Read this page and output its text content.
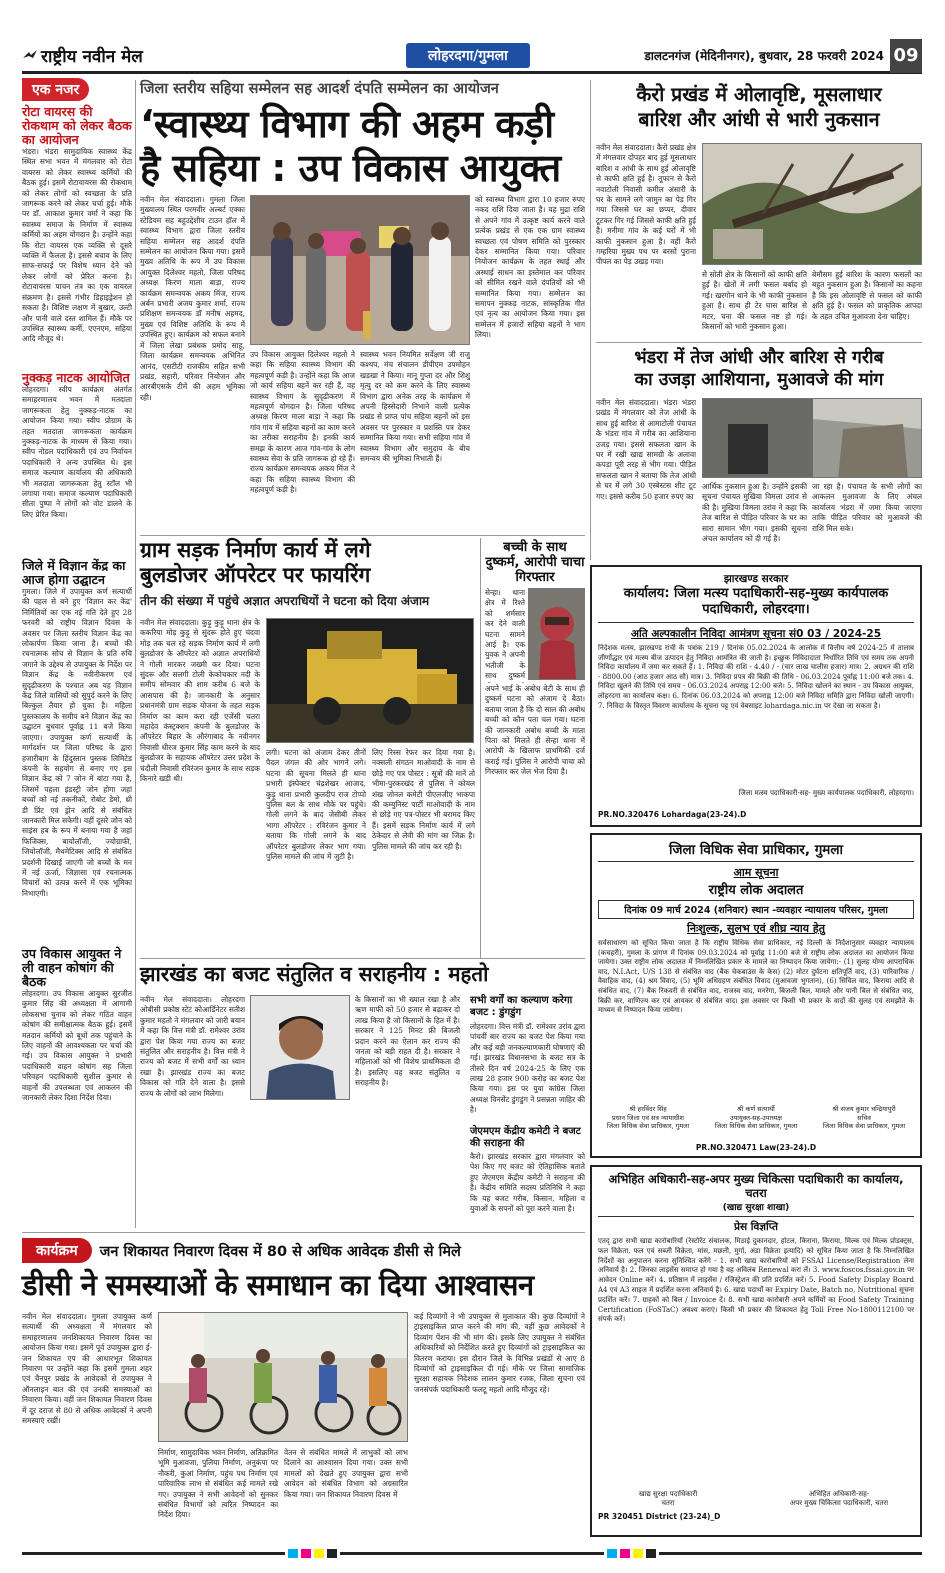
राष्ट्रीय नवीन मेल	लोहरदगा/गुमला	डालटनगंज (मेदिनीनगर), बुधवार, 28 फरवरी 2024 09
एक नजर
रोटा वायरस की रोकथाम को लेकर बैठक का आयोजन
भंडरा। भंडरा सामुदायिक स्वास्थ्य केंद्र स्थित सभा भवन में मंगलवार को रोटा वायरस को लेकर स्वास्थ्य कर्मियों की बैठक हुई। इसमें रोटावायरस की रोकथाम को लेकर लोगों को स्वच्छता के प्रति जागरूक करने को लेकर चर्चा हुई। मौके पर डॉ. आकाश कुमार वर्मा ने कहा कि स्वास्थ्य समाज के निर्माण में स्वास्थ्य कर्मियों का अहम योगदान है। उन्होंने कहा कि रोटा वायरस एक व्यक्ति से दूसरे व्यक्ति में फैलता है। इससे बचाव के लिए साफ-सफाई पर विशेष ध्यान देने को लेकर लोगों को प्रेरित करना है। रोटावायरस पाचन तंत्र का एक वायरल संक्रमण है। इससे गंभीर डिहाइड्रेशन हो सकता है। विशिष्ट लक्षण में बुखार, उल्टी और पानी वाले दस्त शामिल हैं। मौके पर उपस्थित स्वास्थ्य कर्मी, एएनएम, सहिया आदि मौजूद थे।
नुक्कड़ नाटक आयोजित
लोहरदगा। स्वीप कार्यक्रम अंतर्गत समाहरणालय भवन में मतदाता जागरूकता हेतु नुक्कड़-नाटक का आयोजन किया गया। स्वीप प्रोग्राम के तहत मतदाता जागरूकता कार्यक्रम नुक्कड़-नाटक के माध्यम से किया गया। स्वीप नोडल पदाधिकारी एवं उप निर्वाचन पदाधिकारी ने अन्य उपस्थित थे। इस समाज कल्याण कार्यालय की अधिकारी भी मतदाता जागरूकता हेतु स्टॉल भी लगाया गया। समाज कल्याण पदाधिकारी सीता पुष्पा ने लोगों को वोट डालने के लिए प्रेरित किया।
जिले में विज्ञान केंद्र का आज होगा उद्घाटन
गुमला। जिले में उपायुक्त कर्ण सत्यार्थी की पहल से बने हुए 'विज्ञान कर केंद्र' निर्मितियों का एक नई गति देते हुए 28 फरवरी को राष्ट्रीय विज्ञान दिवस के अवसर पर जिला स्तरीय विज्ञान केंद्र का लोकार्पण किया जाना है। बच्चों की रचनात्मक सोच से विज्ञान के प्रति रुचि जगाने के उद्देश्य से उपायुक्त के निर्देश पर विज्ञान केंद्र के नवीनीकरण एवं सुदृढ़ीकरण के पश्चात अब यह विज्ञान केंद्र जिले वासियों को सुपुर्द करने के लिए बिल्कुल तैयार हो चुका है। महिला पुस्तकालय के समीप बने विज्ञान केंद्र का उद्घाटन बुधवार पूर्वाह्न 11 बजे किया जाएगा। उपायुक्त कर्ण सत्यार्थी के मार्गदर्शन पर जिला परिषद के द्वारा हजारीबाग के हिंदुस्तान पुस्तक लिमिटेड कंपनी के सहयोग से बनाए गए इस विज्ञान केंद्र को 7 जोन में बांटा गया है, जिसमें पहला इंडस्ट्री जोन होगा जहां बच्चों को नई तकनीकों, रोबोट डेमो, थ्री डी प्रिंट एवं ड्रोन आदि से संबंधित जानकारी मिल सकेगी। वहीं दूसरे जोन को साइंस हब के रूप में बनाया गया है जहां फिजिक्स, बायोलॉजी, ज्योग्राफी, जियोलॉजी, मैथमेटिक्स आदि से संबंधित प्रदर्शनी दिखाई जाएगी जो बच्चों के मन में नई ऊर्जा, जिज्ञासा एवं रचनात्मक विचारों को उत्पन्न करने में एक भूमिका निभाएगी।
उप विकास आयुक्त ने ली वाहन कोषांग की बैठक
लोहरदगा। उप विकास आयुक्त सुरजीत कुमार सिंह की अध्यक्षता में आगामी लोकसभा चुनाव को लेकर गठित वाहन कोषांग की समीक्षात्मक बैठक हुई। इसमें मतदान कर्मियों को बूथों तक पहुंचाने के लिए वाहनों की आवश्यकता पर चर्चा की गई। उप विकास आयुक्त ने प्रभारी पदाधिकारी वाहन कोषांग सह जिला परिवहन पदाधिकारी सुशील कुमार से वाहनों की उपलब्धता एवं आकलन की जानकारी लेकर दिशा निर्देश दिया।
जिला स्तरीय सहिया सम्मेलन सह आदर्श दंपति सम्मेलन का आयोजन
‘स्वास्थ्य विभाग की अहम कड़ी
है सहिया : उप विकास आयुक्त
नवीन मेल संवाददाता। गुमला जिला मुख्यालय स्थित परमवीर अल्बर्ट एक्का स्टेडियम सह बहुउद्देशीय टाउन हॉल में स्वास्थ्य विभाग द्वारा जिला स्तरीय सहिया सम्मेलन सह आदर्श दंपति सम्मेलन का आयोजन किया गया। इसमें मुख्य अतिथि के रूप में उप विकास आयुक्त दिलेश्वर महतो, जिला परिषद अध्यक्ष किरण माला बाड़ा, राज्य कार्यक्रम समन्वयक अकय मिंज, राज्य अर्बन प्रभारी अजय कुमार शर्मा, राज्य प्रशिक्षण समन्वयक डॉ मनीष अहमद, मुख्य एवं विशिष्ट अतिथि के रूप में उपस्थित हुए। कार्यक्रम को सफल बनाने में जिला लेखा प्रबंधक प्रमोद साहू, जिला कार्यक्रम समन्वयक अभिनित आनंद, एसटीटी राजकीय सहित सभी प्रखंड, सहारी, परिवार नियोजन और आरबीएसके टीमें की अहम भूमिका रही।
उप विकास आयुक्त दिलेश्वर महतो ने कहा कि सहिया स्वास्थ्य विभाग की महत्वपूर्ण कड़ी है। उन्होंने कहा कि आज जो कार्य सहिया बहनें कर रही हैं, वह स्वास्थ्य विभाग के सुदृढ़ीकरण में महत्वपूर्ण योगदान है। जिला परिषद अध्यक्ष किरण माला बाड़ा ने कहा कि गांव गांव में सहिया बहनों का काम करने का तरीका सराहनीय है। इनकी कार्य समझ के कारण आज गांव-गांव के लोग स्वास्थ्य सेवा के प्रति जागरूक हो रहे हैं। राज्य कार्यक्रम समन्वयक अकय मिंज ने कहा कि सहिया स्वास्थ्य विभाग की महत्वपूर्ण कड़ी है।
स्वास्थ्य भवन नियमित सर्वेक्षण जी राजु कश्यप, मंच संचालन डीपीएम उपमोहन खड़खा ने किया। मानू गुप्ता दर और शिशु मृत्यु दर को कम करने के लिए स्वास्थ्य विभाग द्वारा अनेक तरह के कार्यक्रम में अपनी हिस्सेदारी निभाने वाली प्रत्येक प्रखंड से प्राप्त पांच सहिया बहनों को इस अवसर पर पुरस्कार व प्रशस्ति पत्र देकर सम्मानित किया गया। सभी सहिया गांव में स्वास्थ्य विभाग और समुदाय के बीच समन्वय की भूमिका निभाती हैं।
को स्वास्थ्य विभाग द्वारा 10 हजार रुपए नकद राशि दिया जाता है। यह मुद्रा राशि से अपने गांव में उत्कृष्ट कार्य करने वाले प्रत्येक प्रखंड से एक एक ग्राम स्वास्थ्य स्वच्छता एवं पोषण समिति को पुरस्कार देकर सम्मानित किया गया। परिवार नियोजन कार्यक्रम के तहत स्थाई और अस्थाई साधन का इस्तेमाल कर परिवार को सीमित रखने वाले दंपतियों को भी सम्मानित किया गया। सम्मेलन का समापन नुक्कड़ नाटक, सांस्कृतिक गीत एवं नृत्य का आयोजन किया गया। इस सम्मेलन में हजारों सहिया बहनों ने भाग लिया।
कैरो प्रखंड में ओलावृष्टि, मूसलाधार
बारिश और आंधी से भारी नुकसान
नवीन मेल संवाददाता। कैरो प्रखंड क्षेत्र में मंगलवार दोपहर बाद हुई मूसलाधार बारिश व आंधी के साथ हुई ओलावृष्टि से काफी क्षति हुई है। तूफान से कैरो नवाटोली निवासी कमील अंसारी के घर के सामने लगे जामुन का पेड़ गिर गया जिससे घर का छप्पर, दीवार टूटकर गिर गई जिससे काफी क्षति हुई है। मनीमा गांव के कई घरों में भी काफी नुकसान हुआ है। वहीं कैरो गम्हरिया मुख्य पथ पर बरसों पुराना पीपल का पेड़ उखड़ गया।
से सोती क्षेत्र के किसानों को काफी क्षति हुई है। खेतों में लगी फसल बर्बाद हो गई। खरगोन थाने के भी काफी नुकसान हुआ है। साथ ही टेर घास बारिश से मटर, चना की फसल नष्ट हो गई। किसानों को भारी नुकसान हुआ।
बेमौसम हुई बारिश के कारण फसलों का बहुत नुकसान हुआ है। किसानों का कहना है कि इस ओलावृष्टि से फसल को काफी क्षति हुई है। फसल को प्राकृतिक आपदा के तहत उचित मुआवजा देना चाहिए।
भंडरा में तेज आंधी और बारिश से गरीब
का उजड़ा आशियाना, मुआवजे की मांग
नवीन मेल संवाददाता। भंडरा भंडरा प्रखंड में मंगलवार को तेज आंधी के साथ हुई बारिश से आमाटोली पंचायत के भंडरा गांव में गरीब का आशियाना उजड़ गया। इससे सफलता खान के घर में रखी खाद्य सामग्री के अलावा कपड़ा पूरी तरह से भीग गया। पीड़ित सफलता खान ने बताया कि तेज आंधी से घर में लगे 30 एस्बेस्टस शीट टूट गए। इससे करीब 50 हजार रुपए का
आर्थिक नुकसान हुआ है। उन्होंने इसकी सूचना पंचायत मुखिया विमला उरांव से की है। मुखिया विमला उरांव ने कहा कि तेज बारिश से पीड़ित परिवार के घर का सारा सामान भीग गया। इसकी सूचना अंचल कार्यालय को दी गई है।
जा रहा है। पंचायत के सभी लोगों का आकलन मुआवजा के लिए अंचल कार्यालय भंडरा में जमा किया जाएगा ताकि पीड़ित परिवार को मुआवजे की राशि मिल सके।
ग्राम सड़क निर्माण कार्य में लगे
बुलडोजर ऑपरेटर पर फायरिंग
तीन की संख्या में पहुंचे अज्ञात अपराधियों ने घटना को दिया अंजाम
नवीन मेल संवाददाता। कुड़ू कुड़ू थाना क्षेत्र के ककरिया मोड़ कुड़ू से सुंदरू होते हुए चंदवा मोड़ तक चल रहे सड़क निर्माण कार्य में लगी बुलडोजर के ऑपरेटर को अज्ञात अपराधियों ने गोली मारकर जख्मी कर दिया। घटना सुंदरू और सलगी टोली केकोचकार नदी के समीप सोमवार की शाम करीब 6 बजे के आसपास की है। जानकारी के अनुसार प्रधानमंत्री ग्राम सड़क योजना के तहत सड़क निर्माण का काम करा रही एजेंसी चतरा महादेव कंस्ट्रक्शन कंपनी के बुलडोजर के ऑपरेटर बिहार के औरंगाबाद के नवीनगर निवासी धीरज कुमार सिंह काम करने के बाद बुलडोजर के सहायक ऑपरेटर उत्तर प्रदेश के चंदौली निवासी रविरंजन कुमार के साथ सड़क किनारे खड़ी थी।
लगी। घटना को अंजाम देकर तीनों पैदल जंगल की ओर भागने लगे। घटना की सूचना मिलते ही थाना प्रभारी इंस्पेक्टर चंद्रशेखर आजाद, कुड़ू थाना प्रभारी कुलदीप राज टोप्पो पुलिस बल के साथ मौके पर पहुंचे। गोली लगने के बाद जेसीबी लेकर भागा ऑपरेटर : रविरंजन कुमार ने बताया कि गोली लगने के बाद ऑपरेटर बुलडोजर लेकर भाग गया। पुलिस मामले की जांच में जुटी है।
लिए रिस्स रेफर कर दिया गया है। नक्सली संगठन माओवादी के नाम से छोड़े गए पत्र पोस्टर : सूत्रों की मानें तो भीमा-पुरकरखंद से पुलिस ने कोयल शंख जोनल कमेटी पीएलजीए भाकपा की कम्युनिस्ट पार्टी माओवादी के नाम से छोड़े गए पत्र-पोस्टर भी बरामद किए हैं। इसमें सड़क निर्माण कार्य में लगे ठेकेदार से लेवी की मांग का जिक्र है। पुलिस मामले की जांच कर रही है।
बच्ची के साथ दुष्कर्म, आरोपी चाचा गिरफ्तार
सेन्हा। थाना क्षेत्र में रिश्ते को शर्मसार कर देने वाली घटना सामने आई है। एक युवक ने अपनी भतीजी के साथ दुष्कर्म
अपने भाई के अबोध बेटी के साथ ही दुष्कर्म घटना को अंजाम दे बैठा। बताया जाता है कि दो साल की अबोध बच्ची को कौन पता चल गया। घटना की जानकारी अबोध बच्ची के माता पिता को मिलते ही सेन्हा थाना में आरोपी के खिलाफ प्राथमिकी दर्ज कराई गई। पुलिस ने आरोपी चाचा को गिरफ्तार कर जेल भेज दिया है।
झारखंड का बजट संतुलित व सराहनीय : महतो
नवीन मेल संवाददाता। लोहरदगा ओबीसी प्रकोष्ठ स्टेट कोआर्डिनेटर सतीश कुमार महतो ने मंगलवार को जारी बयान में कहा कि वित्त मंत्री डॉ. रामेश्वर उरांव द्वारा पेश किया गया राज्य का बजट संतुलित और सराहनीय है। वित्त मंत्री ने राज्य को बजट में सभी वर्गों का ध्यान रखा है। झारखंड राज्य का बजट विकास को गति देने वाला है। इससे राज्य के लोगों को लाभ मिलेगा।
के किसानों का भी ख्याल रखा है और ऋण माफी को 50 हजार से बढ़ाकर दो लाख किया है जो किसानों के हित में है। सरकार ने 125 मिनट फ्री बिजली प्रदान करने का ऐलान कर राज्य की जनता को बड़ी राहत दी है। सरकार ने महिलाओं को भी विशेष प्राथमिकता दी है। इसलिए यह बजट संतुलित व सराहनीय है।
सभी वर्गों का कल्याण करेगा बजट : डुंगडुंग
लोहरदगा। वित्त मंत्री डॉ. रामेश्वर उरांव द्वारा पांचवीं बार राज्य का बजट पेश किया गया और कई बड़ी जनकल्याणकारी घोषणाएं की गई। झारखंड विधानसभा के बजट सत्र के तीसरे दिन वर्ष 2024-25 के लिए एक लाख 28 हजार 900 करोड़ का बजट पेश किया गया। इस पर युवा कांग्रेस जिला अध्यक्ष विनसेंट डुंगडुंग ने प्रसन्नता जाहिर की है।
जेएमएम केंद्रीय कमेटी ने बजट की सराहना की
कैरो। झारखंड सरकार द्वारा मंगलवार को पेश किए गए बजट को ऐतिहासिक बताते हुए जेएमएम केंद्रीय कमेटी ने सराहना की है। केंद्रीय समिति सदस्य प्रतिनिधि ने कहा कि यह बजट गरीब, किसान, महिला व युवाओं के सपनों को पूरा करने वाला है।
झारखण्ड सरकार
कार्यालय: जिला मत्स्य पदाधिकारी-सह-मुख्य कार्यपालक पदाधिकारी, लोहरदगा।
अति अल्पकालीन निविदा आमंत्रण सूचना सं0 03 / 2024-25
निदेशक मत्स्य, झारखण्ड रांची के पत्रांक 219 / दिनांक 05.02.2024 के आलोक में वित्तीय वर्ष 2024-25 में तालाब जीर्णोद्धार एवं मत्स्य बीज उत्पादन हेतु निविदा आमंत्रित की जाती है। इच्छुक निविदादाता निर्धारित तिथि एवं समय तक अपनी निविदा कार्यालय में जमा कर सकते हैं। 1. निविदा की राशि - 4.40 / - (चार लाख चालीस हजार) मात्र। 2. अग्रधन की राशि - 8800.00 (आठ हजार आठ सौ) मात्र। 3. निविदा प्रपत्र की बिक्री की तिथि - 06.03.2024 पूर्वाह्न 11:00 बजे तक। 4. निविदा खुलने की तिथि एवं समय - 06.03.2024 अपराह्न 12:00 बजे। 5. निविदा खोलने का स्थान - उप विकास आयुक्त, लोहरदगा का कार्यालय कक्ष। 6. दिनांक 06.03.2024 को अपराह्न 12:00 बजे निविदा समिति द्वारा निविदा खोली जाएगी। 7. निविदा के विस्तृत विवरण कार्यालय के सूचना पट्ट एवं वेबसाइट lohardaga.nic.in पर देखा जा सकता है।
जिला मत्स्य पदाधिकारी-सह- मुख्य कार्यपालक पदाधिकारी, लोहरदगा।
PR.NO.320476 Lohardaga(23-24).D
जिला विधिक सेवा प्राधिकार, गुमला
आम सूचना
राष्ट्रीय लोक अदालत
दिनांक 09 मार्च 2024 (शनिवार) स्थान -व्यवहार न्यायालय परिसर, गुमला
निःशुल्क, सुलभ एवं शीघ्र न्याय हेतु
सर्वसाधारण को सूचित किया जाता है कि राष्ट्रीय विधिक सेवा प्राधिकार, नई दिल्ली के निर्देशानुसार व्यवहार न्यायालय (कचहरी), गुमला के प्रांगण में दिनांक 09.03.2024 को पूर्वाह्न 11:00 बजे से राष्ट्रीय लोक अदालत का आयोजन किया जायेगा। उक्त राष्ट्रीय लोक अदालत में निम्नलिखित प्रकार के मामले का निष्पादन किया जायेगा:- (1) सुलह योग्य आपराधिक वाद, N.I.Act, U/S 138 से संबंधित वाद (बैंक चेकबाउंस के केस) (2) मोटर दुर्घटना क्षतिपूर्ति वाद, (3) पारिवारिक / वैवाहिक वाद, (4) श्रम विवाद, (5) भूमि अधिग्रहण संबंधित विवाद (मुआवजा भुगतान), (6) सिविल वाद, किराया आदि से संबंधित वाद, (7) बैंक रिकवरी से संबंधित वाद, राजस्व वाद, मनरेगा, बिजली बिल, मामले और पानी बिल से संबंधित वाद, बिक्री कर, वाणिज्य कर एवं आयकर से संबंधित वाद। इस अवसर पर किसी भी प्रकार के वादों की सुलह एवं समझौते के माध्यम से निष्पादन किया जायेगा।
श्री हरविंदर सिंह
प्रधान जिला एवं सत्र न्यायाधीश
जिला विधिक सेवा प्राधिकार, गुमला
श्री कर्ण सत्यार्थी
उपायुक्त-सह-उपाध्यक्ष
जिला विधिक सेवा प्राधिकार, गुमला
श्री संजय कुमार चन्द्रियापुरी
सचिव
जिला विधिक सेवा प्राधिकार, गुमला
PR.NO.320471 Law(23-24).D
अभिहित अधिकारी-सह-अपर मुख्य चिकित्सा पदाधिकारी का कार्यालय, चतरा
(खाद्य सुरक्षा शाखा)
प्रेस विज्ञप्ति
एतद् द्वारा सभी खाद्य कारोबारियों (रेस्टोरेंट संचालक, मिठाई दुकानदार, होटल, किराना, किराया, मिल्क एवं मिल्क प्रोडक्ट्स, फल विक्रेता, फल एवं सब्जी विक्रेता, मांस, मछली, मुर्गा, अंडा विक्रेता इत्यादि) को सूचित किया जाता है कि निम्नलिखित निर्देशों का अनुपालन करना सुनिश्चित करेंगे - 1. सभी खाद्य कारोबारियों को FSSAI License/Registration लेना अनिवार्य है। 2. जिनका लाइसेंस समाप्त हो गया है वह अविलंब Renewal करा लें। 3. www.foscos.fssai.gov.in पर आवेदन Online करें। 4. प्रतिष्ठान में लाइसेंस / रजिस्ट्रेशन की प्रति प्रदर्शित करें। 5. Food Safety Display Board A4 एवं A3 साइज में प्रदर्शित करना अनिवार्य है। 6. खाद्य पदार्थों का Expiry Date, Batch no, Nutritional सूचना प्रदर्शित करें। 7. ग्राहकों को बिल / Invoice दें। 8. सभी खाद्य कारोबारी अपने कर्मियों का Food Safety Training Certification (FoSTaC) अवश्य कराएं। किसी भी प्रकार की शिकायत हेतु Toll Free No-1800112100 पर संपर्क करें।
खाद्य सुरक्षा पदाधिकारी
चतरा
अभिहित अधिकारी-सह-
अपर मुख्य चिकित्सा पदाधिकारी, चतरा
PR 320451 District (23-24)_D
कार्यक्रम	जन शिकायत निवारण दिवस में 80 से अधिक आवेदक डीसी से मिले
डीसी ने समस्याओं के समाधान का दिया आश्वासन
नवीन मेल संवाददाता। गुमला उपायुक्त कर्ण सत्यार्थी की अध्यक्षता में मंगलवार को समाहरणालय जनशिकायत निवारण दिवस का आयोजन किया गया। इसमें पूर्व उपायुक्त द्वारा ई-जन शिकायत एप की आधारभूत शिकायत निवारण पर उन्होंने कहा कि इसमें गुमला शहर एवं चैनपुर प्रखंड के आवेदकों से उपायुक्त ने ऑनलाइन बात की एवं उनकी समस्याओं का निवारण किया। वहीं जन शिकायत निवारण दिवस में दूर दराज से 80 से अधिक आवेदकों ने अपनी समस्याएं रखीं।
निर्माण, सामुदायिक भवन निर्माण, अतिक्रमित भूमि मुआवजा, पुलिया निर्माण, अनुकंपा पर नौकरी, कुआं निर्माण, पहुंच पथ निर्माण एवं पारिवारिक लाभ से संबंधित कई मामले रखे गए। उपायुक्त ने सभी आवेदनों को सुनकर संबंधित विभागों को त्वरित निष्पादन का निर्देश दिया।
वेतन से संबंधित मामले में लाभुकों को लाभ दिलाने का आश्वासन दिया गया। उक्त सभी मामलों को देखते हुए उपायुक्त द्वारा सभी आवेदन को संबंधित विभाग को अग्रसारित किया गया। जन शिकायत निवारण दिवस में
कई दिव्यांगों ने भी उपायुक्त से मुलाकात की। कुछ दिव्यांगों ने ट्राइसाइकिल प्राप्त करने की मांग की, वहीं कुछ आवेदकों ने दिव्यांग पेंशन की भी मांग की। इसके लिए उपायुक्त ने संबंधित अधिकारियों को निर्देशित करते हुए दिव्यांगों को ट्राइसाइकिल का वितरण कराया। इस दौरान जिले के विभिन्न प्रखंडों से आए 8 दिव्यांगों को ट्राइसाइकिल दी गई। मौके पर जिला सामाजिक सुरक्षा सहायक निदेशक लालन कुमार रजक, जिला सूचना एवं जनसंपर्क पदाधिकारी फलटू महतो आदि मौजूद रहे।
